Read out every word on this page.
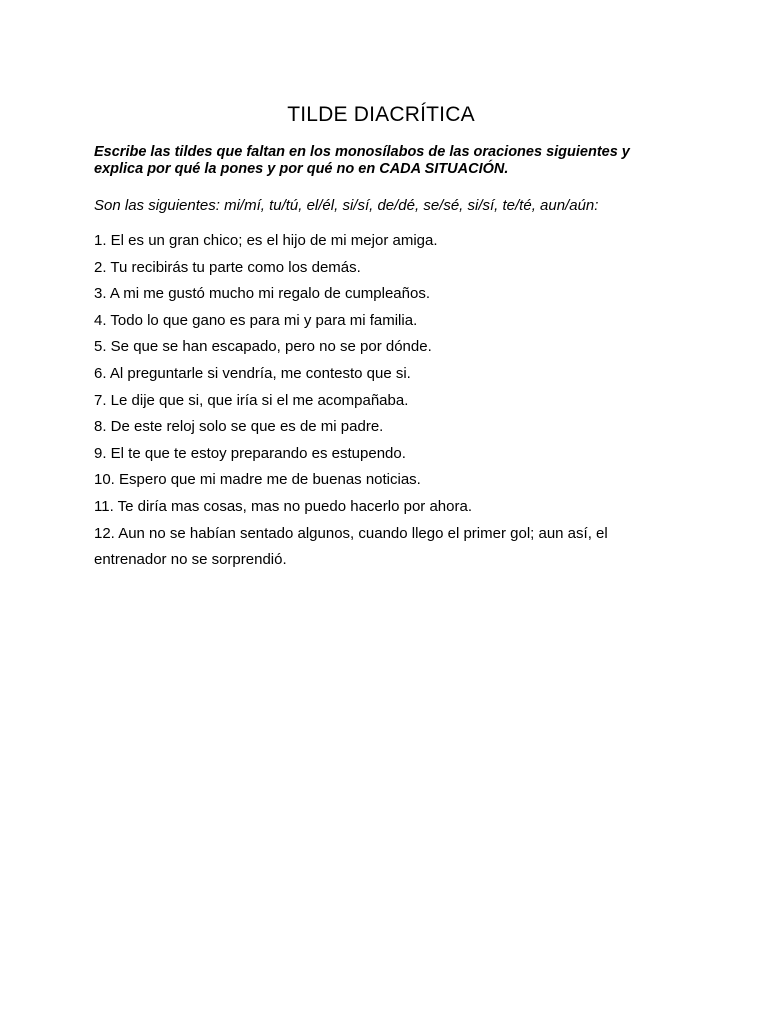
TILDE DIACRÍTICA

Escribe las tildes que faltan en los monosílabos de las oraciones siguientes y explica por qué la pones y por qué no en CADA SITUACIÓN.

Son las siguientes: mi/mí, tu/tú, el/él, si/sí, de/dé, se/sé, si/sí, te/té, aun/aún:

1. El es un gran chico; es el hijo de mi mejor amiga.
2. Tu recibirás tu parte como los demás.
3. A mi me gustó mucho mi regalo de cumpleaños.
4. Todo lo que gano es para mi y para mi familia.
5. Se que se han escapado, pero no se por dónde.
6. Al preguntarle si vendría, me contesto que si.
7. Le dije que si, que iría si el me acompañaba.
8. De este reloj solo se que es de mi padre.
9. El te que te estoy preparando es estupendo.
10. Espero que mi madre me de buenas noticias.
11. Te diría mas cosas, mas no puedo hacerlo por ahora.
12. Aun no se habían sentado algunos, cuando llego el primer gol; aun así, el entrenador no se sorprendió.
